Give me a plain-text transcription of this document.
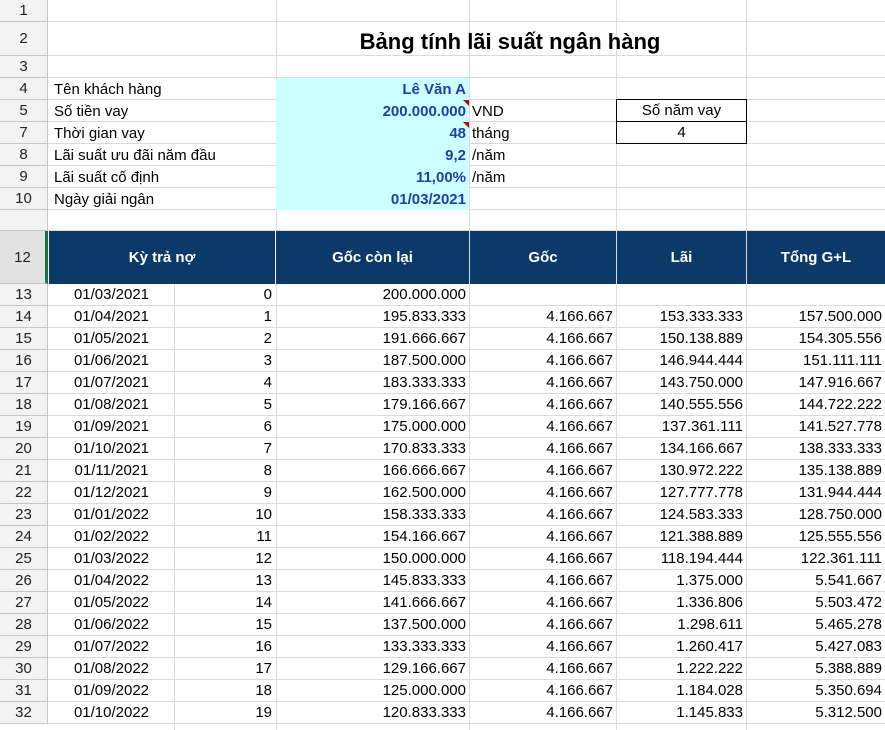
1
2
3
4
5
7
8
9
10
12
13
14
15
16
17
18
19
20
21
22
23
24
25
26
27
28
29
30
31
32
Bảng tính lãi suất ngân hàng
Tên khách hàng	Lê Văn A
Số tiền vay	200.000.000 VND
Thời gian vay	48 tháng
Lãi suất ưu đãi năm đầu	9,2 /năm
Lãi suất cố định	11,00% /năm
Ngày giải ngân	01/03/2021
Số năm vay
4
Kỳ trả nợ	Gốc còn lại	Gốc	Lãi	Tổng G+L
01/03/2021	0	200.000.000
01/04/2021	1	195.833.333	4.166.667	153.333.333	157.500.000
01/05/2021	2	191.666.667	4.166.667	150.138.889	154.305.556
01/06/2021	3	187.500.000	4.166.667	146.944.444	151.111.111
01/07/2021	4	183.333.333	4.166.667	143.750.000	147.916.667
01/08/2021	5	179.166.667	4.166.667	140.555.556	144.722.222
01/09/2021	6	175.000.000	4.166.667	137.361.111	141.527.778
01/10/2021	7	170.833.333	4.166.667	134.166.667	138.333.333
01/11/2021	8	166.666.667	4.166.667	130.972.222	135.138.889
01/12/2021	9	162.500.000	4.166.667	127.777.778	131.944.444
01/01/2022	10	158.333.333	4.166.667	124.583.333	128.750.000
01/02/2022	11	154.166.667	4.166.667	121.388.889	125.555.556
01/03/2022	12	150.000.000	4.166.667	118.194.444	122.361.111
01/04/2022	13	145.833.333	4.166.667	1.375.000	5.541.667
01/05/2022	14	141.666.667	4.166.667	1.336.806	5.503.472
01/06/2022	15	137.500.000	4.166.667	1.298.611	5.465.278
01/07/2022	16	133.333.333	4.166.667	1.260.417	5.427.083
01/08/2022	17	129.166.667	4.166.667	1.222.222	5.388.889
01/09/2022	18	125.000.000	4.166.667	1.184.028	5.350.694
01/10/2022	19	120.833.333	4.166.667	1.145.833	5.312.500
